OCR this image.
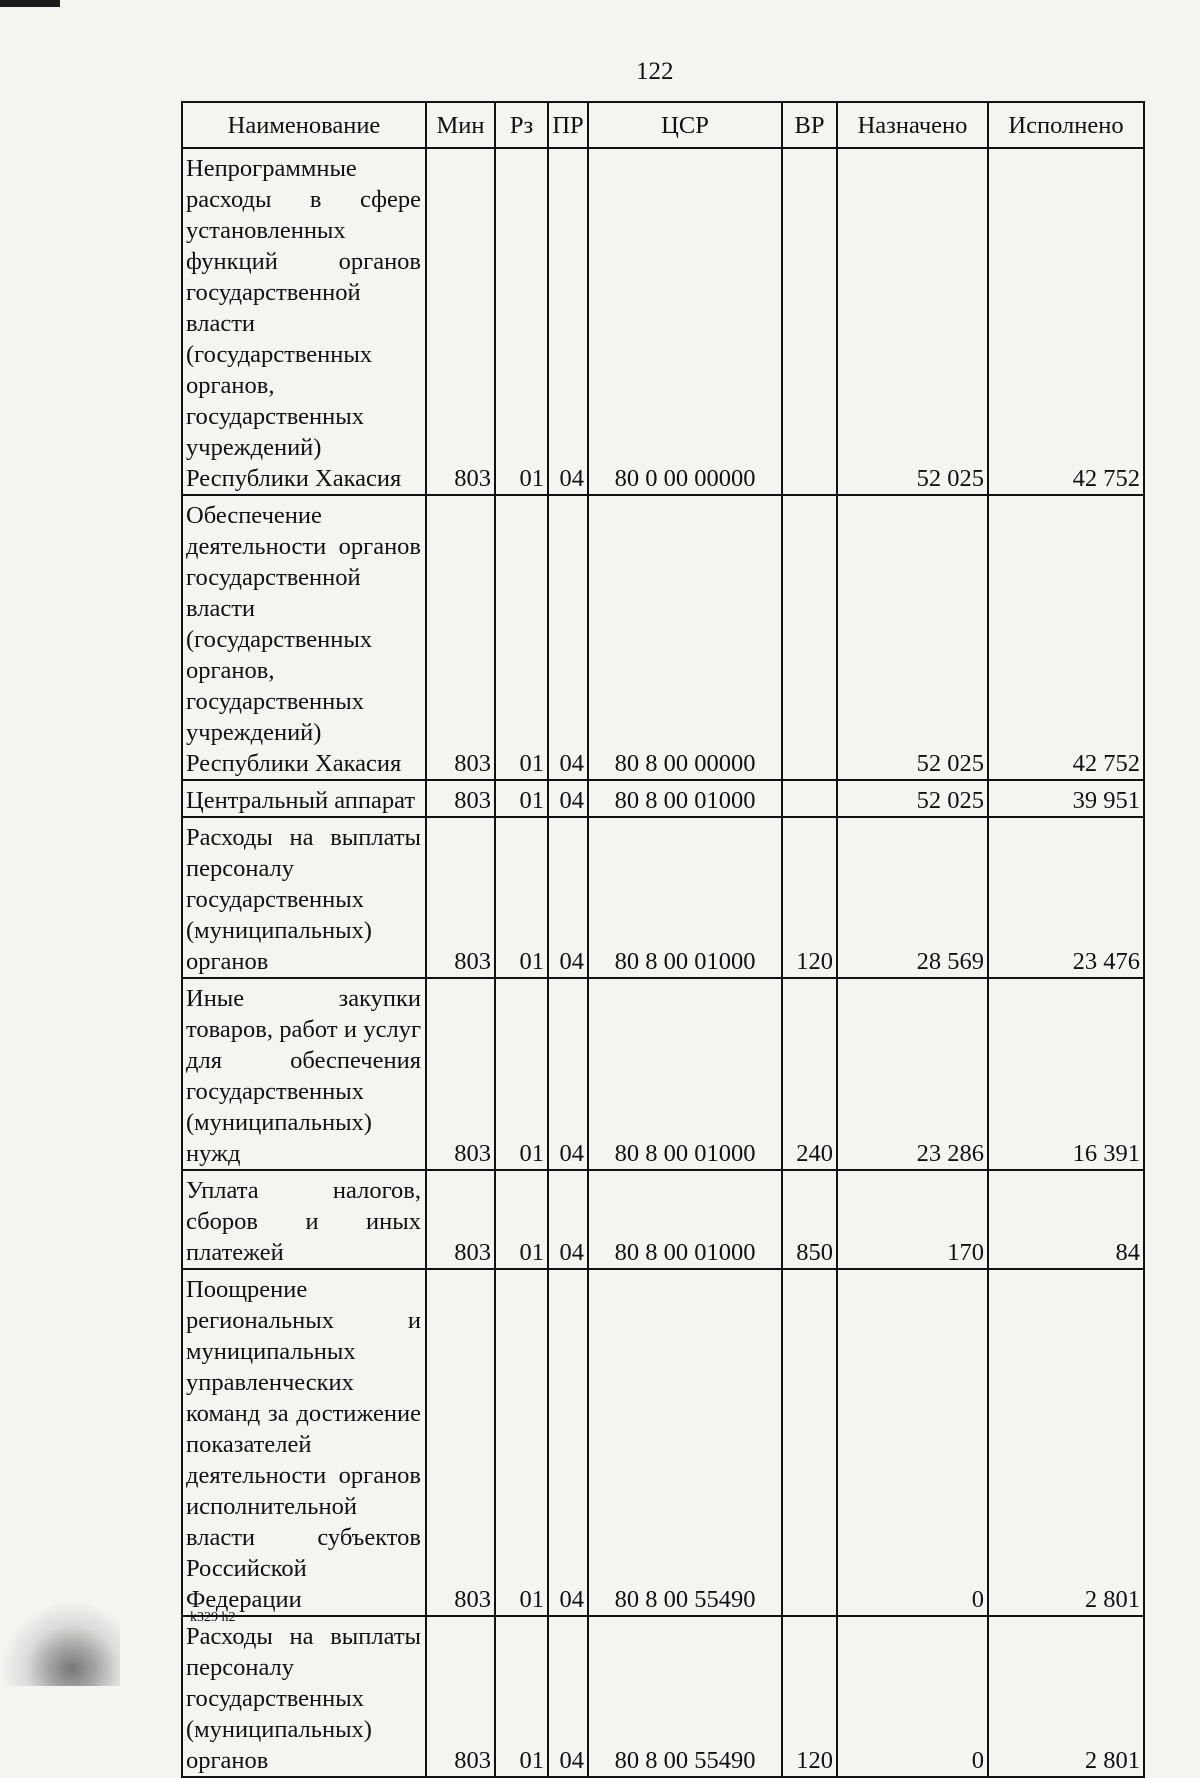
122
Наименование	Мин	Рз	ПР	ЦСР	ВР	Назначено	Исполнено
Непрограммные расходы в сфере установленных функций органов государственной власти (государственных органов, государственных учреждений) Республики Хакасия	803	01	04	80 0 00 00000		52 025	42 752
Обеспечение деятельности органов государственной власти (государственных органов, государственных учреждений) Республики Хакасия	803	01	04	80 8 00 00000		52 025	42 752
Центральный аппарат	803	01	04	80 8 00 01000		52 025	39 951
Расходы на выплаты персоналу государственных (муниципальных) органов	803	01	04	80 8 00 01000	120	28 569	23 476
Иные закупки товаров, работ и услуг для обеспечения государственных (муниципальных) нужд	803	01	04	80 8 00 01000	240	23 286	16 391
Уплата налогов, сборов и иных платежей	803	01	04	80 8 00 01000	850	170	84
Поощрение региональных и муниципальных управленческих команд за достижение показателей деятельности органов исполнительной власти субъектов Российской Федерации	803	01	04	80 8 00 55490		0	2 801
Расходы на выплаты персоналу государственных (муниципальных) органов	803	01	04	80 8 00 55490	120	0	2 801
k329 h2
